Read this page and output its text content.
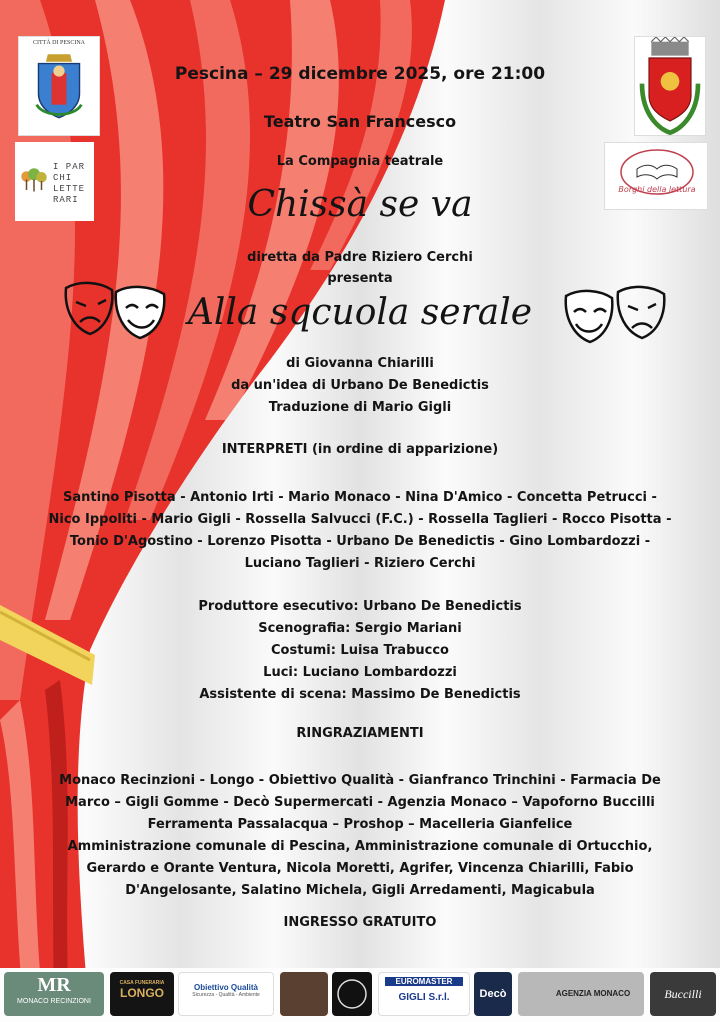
CITTÀ DI PESCINA
I PAR CHI LETTE RARI
Borghi della lettura
Pescina – 29 dicembre 2025, ore 21:00
Teatro San Francesco
La Compagnia teatrale
Chissà se va
diretta da Padre Riziero Cerchi
presenta
Alla sqcuola serale
di Giovanna Chiarilli
da un'idea di Urbano De Benedictis
Traduzione di Mario Gigli
INTERPRETI (in ordine di apparizione)
Santino Pisotta - Antonio Irti - Mario Monaco - Nina D'Amico - Concetta Petrucci -
Nico Ippoliti - Mario Gigli - Rossella Salvucci (F.C.) - Rossella Taglieri - Rocco Pisotta -
Tonio D'Agostino - Lorenzo Pisotta - Urbano De Benedictis - Gino Lombardozzi -
Luciano Taglieri - Riziero Cerchi
Produttore esecutivo: Urbano De Benedictis
Scenografia: Sergio Mariani
Costumi: Luisa Trabucco
Luci: Luciano Lombardozzi
Assistente di scena: Massimo De Benedictis
RINGRAZIAMENTI
Monaco Recinzioni - Longo - Obiettivo Qualità - Gianfranco Trinchini - Farmacia De
Marco – Gigli Gomme - Decò Supermercati - Agenzia Monaco – Vapoforno Buccilli
Ferramenta Passalacqua – Proshop – Macelleria Gianfelice
Amministrazione comunale di Pescina, Amministrazione comunale di Ortucchio,
Gerardo e Orante Ventura, Nicola Moretti, Agrifer, Vincenza Chiarilli, Fabio
D'Angelosante, Salatino Michela, Gigli Arredamenti, Magicabula
INGRESSO GRATUITO
MR
MONACO RECINZIONI
CASA FUNERARIA
LONGO	Obiettivo Qualità
Sicurezza - Qualità - Ambiente
EUROMASTER
GIGLI S.r.l.	Decò	AGENZIA MONACO	Buccilli
